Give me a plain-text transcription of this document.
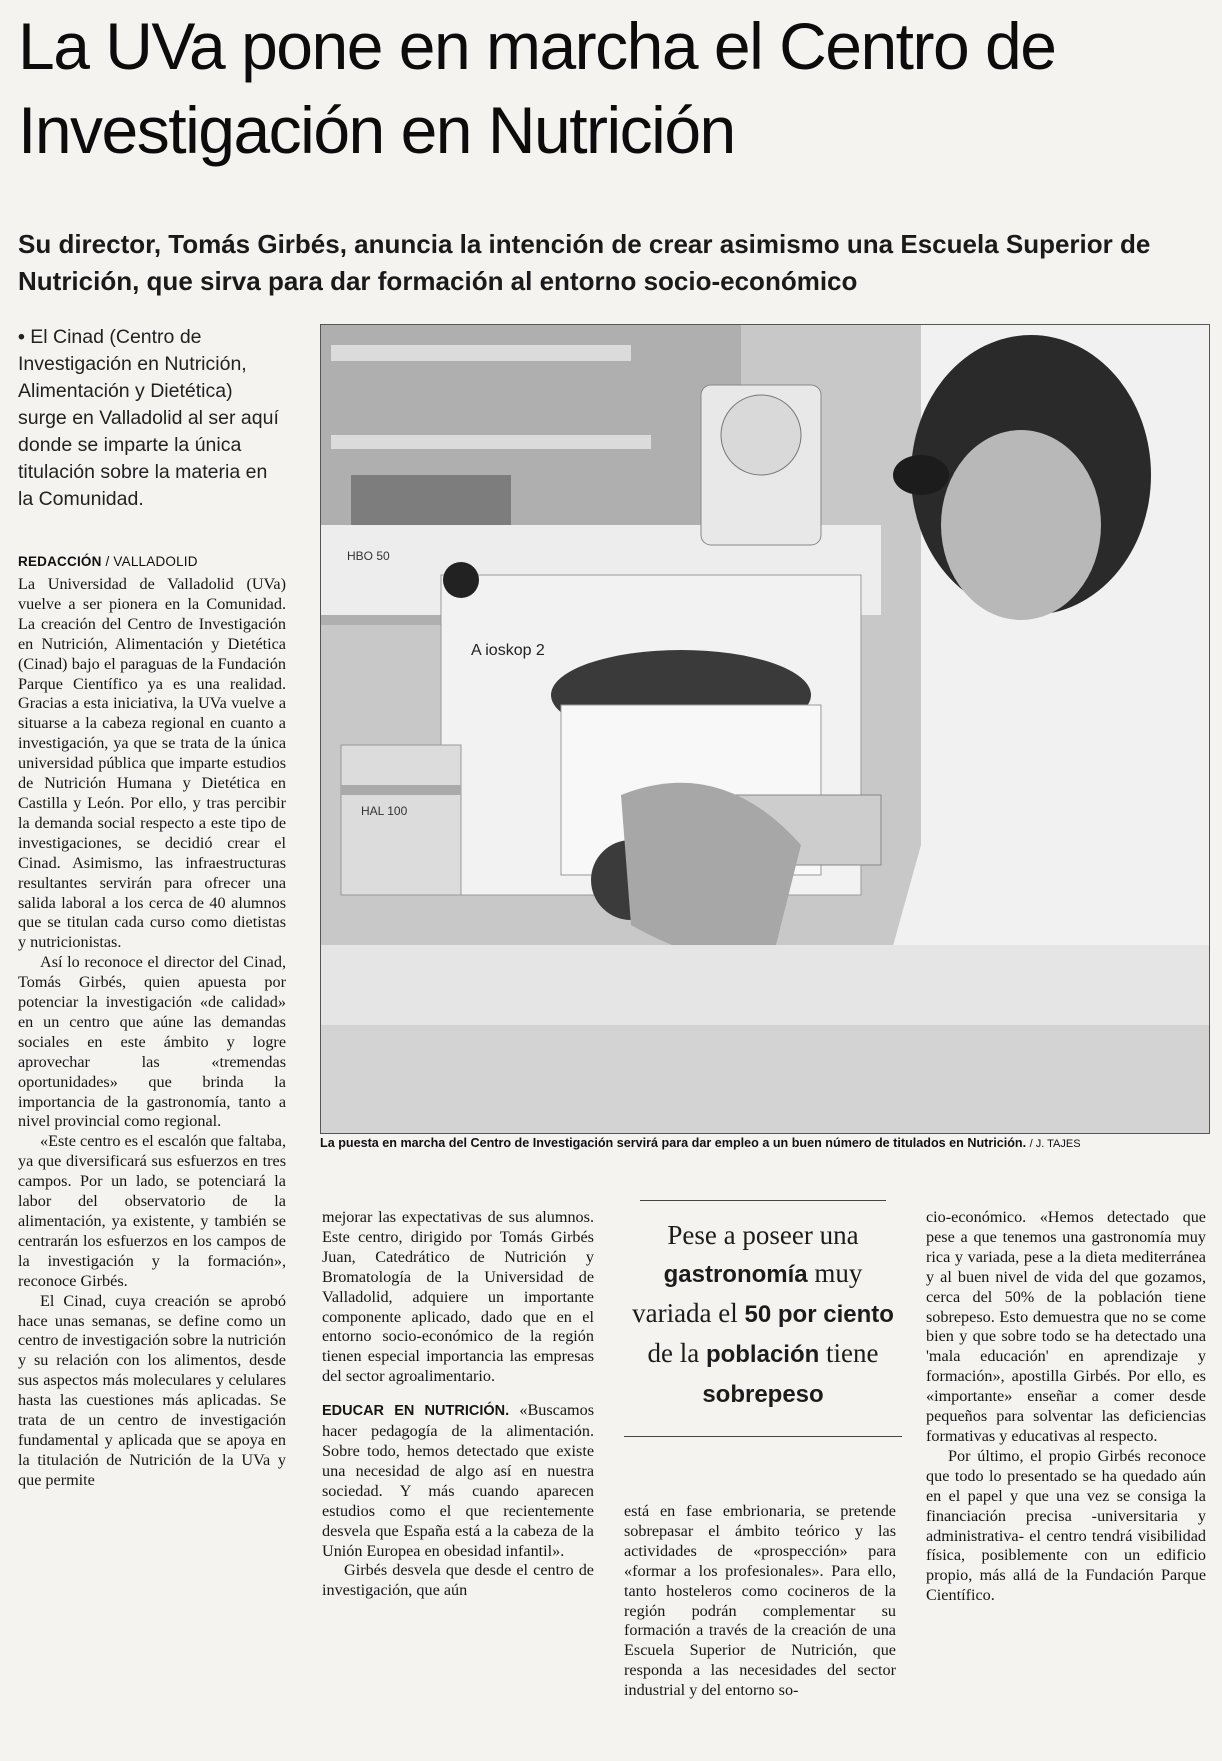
La UVa pone en marcha el Centro de Investigación en Nutrición
Su director, Tomás Girbés, anuncia la intención de crear asimismo una Escuela Superior de Nutrición, que sirva para dar formación al entorno socio-económico

• El Cinad (Centro de Investigación en Nutrición, Alimentación y Dietética) surge en Valladolid al ser aquí donde se imparte la única titulación sobre la materia en la Comunidad.

REDACCIÓN / VALLADOLID

La Universidad de Valladolid (UVa) vuelve a ser pionera en la Comunidad. La creación del Centro de Investigación en Nutrición, Alimentación y Dietética (Cinad) bajo el paraguas de la Fundación Parque Científico ya es una realidad. Gracias a esta iniciativa, la UVa vuelve a situarse a la cabeza regional en cuanto a investigación, ya que se trata de la única universidad pública que imparte estudios de Nutrición Humana y Dietética en Castilla y León. Por ello, y tras percibir la demanda social respecto a este tipo de investigaciones, se decidió crear el Cinad. Asimismo, las infraestructuras resultantes servirán para ofrecer una salida laboral a los cerca de 40 alumnos que se titulan cada curso como dietistas y nutricionistas.

Así lo reconoce el director del Cinad, Tomás Girbés, quien apuesta por potenciar la investigación «de calidad» en un centro que aúne las demandas sociales en este ámbito y logre aprovechar las «tremendas oportunidades» que brinda la importancia de la gastronomía, tanto a nivel provincial como regional.

«Este centro es el escalón que faltaba, ya que diversificará sus esfuerzos en tres campos. Por un lado, se potenciará la labor del observatorio de la alimentación, ya existente, y también se centrarán los esfuerzos en los campos de la investigación y la formación», reconoce Girbés.

El Cinad, cuya creación se aprobó hace unas semanas, se define como un centro de investigación sobre la nutrición y su relación con los alimentos, desde sus aspectos más moleculares y celulares hasta las cuestiones más aplicadas. Se trata de un centro de investigación fundamental y aplicada que se apoya en la titulación de Nutrición de la UVa y que permite

HBO 50
A ioskop 2
HAL 100
La puesta en marcha del Centro de Investigación servirá para dar empleo a un buen número de titulados en Nutrición. / J. TAJES

mejorar las expectativas de sus alumnos. Este centro, dirigido por Tomás Girbés Juan, Catedrático de Nutrición y Bromatología de la Universidad de Valladolid, adquiere un importante componente aplicado, dado que en el entorno socio-económico de la región tienen especial importancia las empresas del sector agroalimentario.

EDUCAR EN NUTRICIÓN. «Buscamos hacer pedagogía de la alimentación. Sobre todo, hemos detectado que existe una necesidad de algo así en nuestra sociedad. Y más cuando aparecen estudios como el que recientemente desvela que España está a la cabeza de la Unión Europea en obesidad infantil».

Girbés desvela que desde el centro de investigación, que aún

Pese a poseer una gastronomía muy variada el 50 por ciento de la población tiene sobrepeso

está en fase embrionaria, se pretende sobrepasar el ámbito teórico y las actividades de «prospección» para «formar a los profesionales». Para ello, tanto hosteleros como cocineros de la región podrán complementar su formación a través de la creación de una Escuela Superior de Nutrición, que responda a las necesidades del sector industrial y del entorno so-

cio-económico. «Hemos detectado que pese a que tenemos una gastronomía muy rica y variada, pese a la dieta mediterránea y al buen nivel de vida del que gozamos, cerca del 50% de la población tiene sobrepeso. Esto demuestra que no se come bien y que sobre todo se ha detectado una 'mala educación' en aprendizaje y formación», apostilla Girbés. Por ello, es «importante» enseñar a comer desde pequeños para solventar las deficiencias formativas y educativas al respecto.

Por último, el propio Girbés reconoce que todo lo presentado se ha quedado aún en el papel y que una vez se consiga la financiación precisa -universitaria y administrativa- el centro tendrá visibilidad física, posiblemente con un edificio propio, más allá de la Fundación Parque Científico.
